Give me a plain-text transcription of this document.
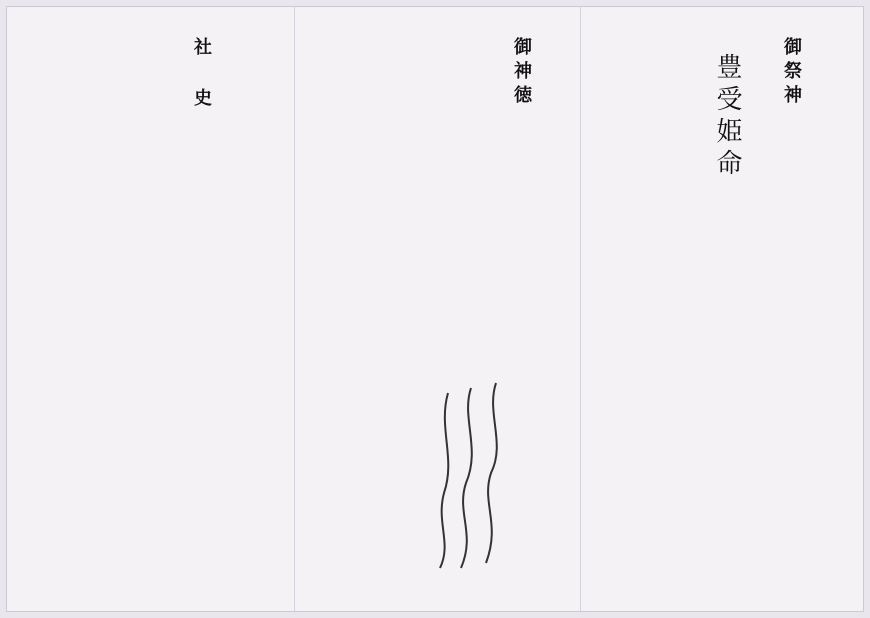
社 史	御神徳	御祭神
豊受姫命
